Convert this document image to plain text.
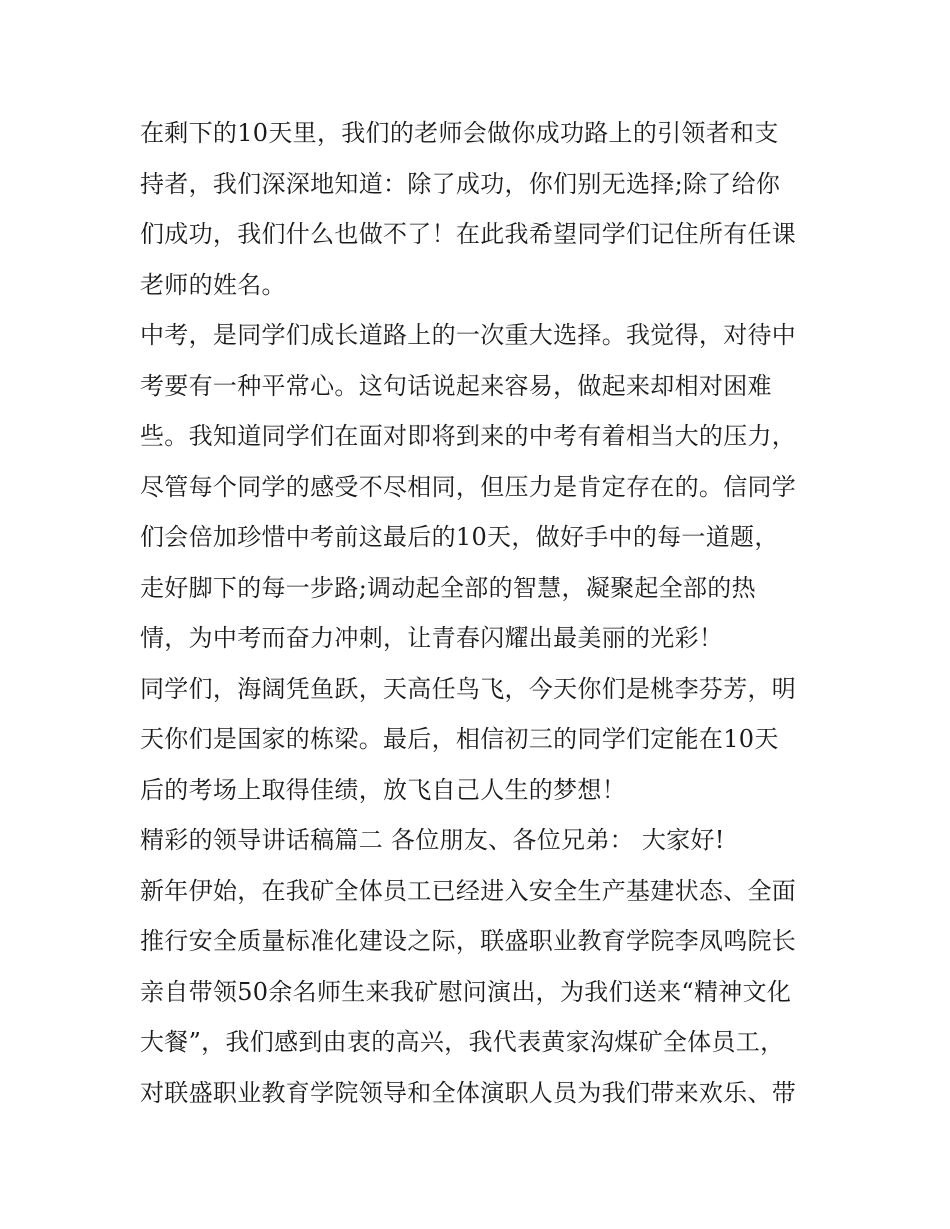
在剩下的10天里，我们的老师会做你成功路上的引领者和支
持者，我们深深地知道：除了成功，你们别无选择;除了给你
们成功，我们什么也做不了！在此我希望同学们记住所有任课
老师的姓名。
中考，是同学们成长道路上的一次重大选择。我觉得，对待中
考要有一种平常心。这句话说起来容易，做起来却相对困难
些。我知道同学们在面对即将到来的中考有着相当大的压力，
尽管每个同学的感受不尽相同，但压力是肯定存在的。信同学
们会倍加珍惜中考前这最后的10天，做好手中的每一道题，
走好脚下的每一步路;调动起全部的智慧，凝聚起全部的热
情，为中考而奋力冲刺，让青春闪耀出最美丽的光彩！
同学们，海阔凭鱼跃，天高任鸟飞，今天你们是桃李芬芳，明
天你们是国家的栋梁。最后，相信初三的同学们定能在10天
后的考场上取得佳绩，放飞自己人生的梦想！
精彩的领导讲话稿篇二 各位朋友、各位兄弟： 大家好!
新年伊始，在我矿全体员工已经进入安全生产基建状态、全面
推行安全质量标准化建设之际，联盛职业教育学院李凤鸣院长
亲自带领50余名师生来我矿慰问演出，为我们送来“精神文化
大餐”，我们感到由衷的高兴，我代表黄家沟煤矿全体员工，
对联盛职业教育学院领导和全体演职人员为我们带来欢乐、带
